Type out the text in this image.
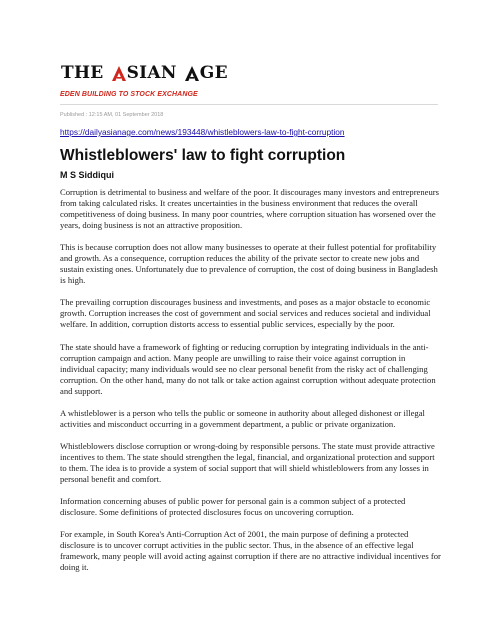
THE SIAN GE
EDEN BUILDING TO STOCK EXCHANGE
Published : 12:15 AM, 01 September 2018
https://dailyasianage.com/news/193448/whistleblowers-law-to-fight-corruption
Whistleblowers' law to fight corruption
M S Siddiqui

Corruption is detrimental to business and welfare of the poor. It discourages many investors and entrepreneurs from taking calculated risks. It creates uncertainties in the business environment that reduces the overall competitiveness of doing business. In many poor countries, where corruption situation has worsened over the years, doing business is not an attractive proposition.

This is because corruption does not allow many businesses to operate at their fullest potential for profitability and growth. As a consequence, corruption reduces the ability of the private sector to create new jobs and sustain existing ones. Unfortunately due to prevalence of corruption, the cost of doing business in Bangladesh is high.

The prevailing corruption discourages business and investments, and poses as a major obstacle to economic growth. Corruption increases the cost of government and social services and reduces societal and individual welfare. In addition, corruption distorts access to essential public services, especially by the poor.

The state should have a framework of fighting or reducing corruption by integrating individuals in the anti-corruption campaign and action. Many people are unwilling to raise their voice against corruption in individual capacity; many individuals would see no clear personal benefit from the risky act of challenging corruption. On the other hand, many do not talk or take action against corruption without adequate protection and support.

A whistleblower is a person who tells the public or someone in authority about alleged dishonest or illegal activities and misconduct occurring in a government department, a public or private organization.

Whistleblowers disclose corruption or wrong-doing by responsible persons. The state must provide attractive incentives to them. The state should strengthen the legal, financial, and organizational protection and support to them. The idea is to provide a system of social support that will shield whistleblowers from any losses in personal benefit and comfort.

Information concerning abuses of public power for personal gain is a common subject of a protected disclosure. Some definitions of protected disclosures focus on uncovering corruption.

For example, in South Korea's Anti-Corruption Act of 2001, the main purpose of defining a protected disclosure is to uncover corrupt activities in the public sector. Thus, in the absence of an effective legal framework, many people will avoid acting against corruption if there are no attractive individual incentives for doing it.
